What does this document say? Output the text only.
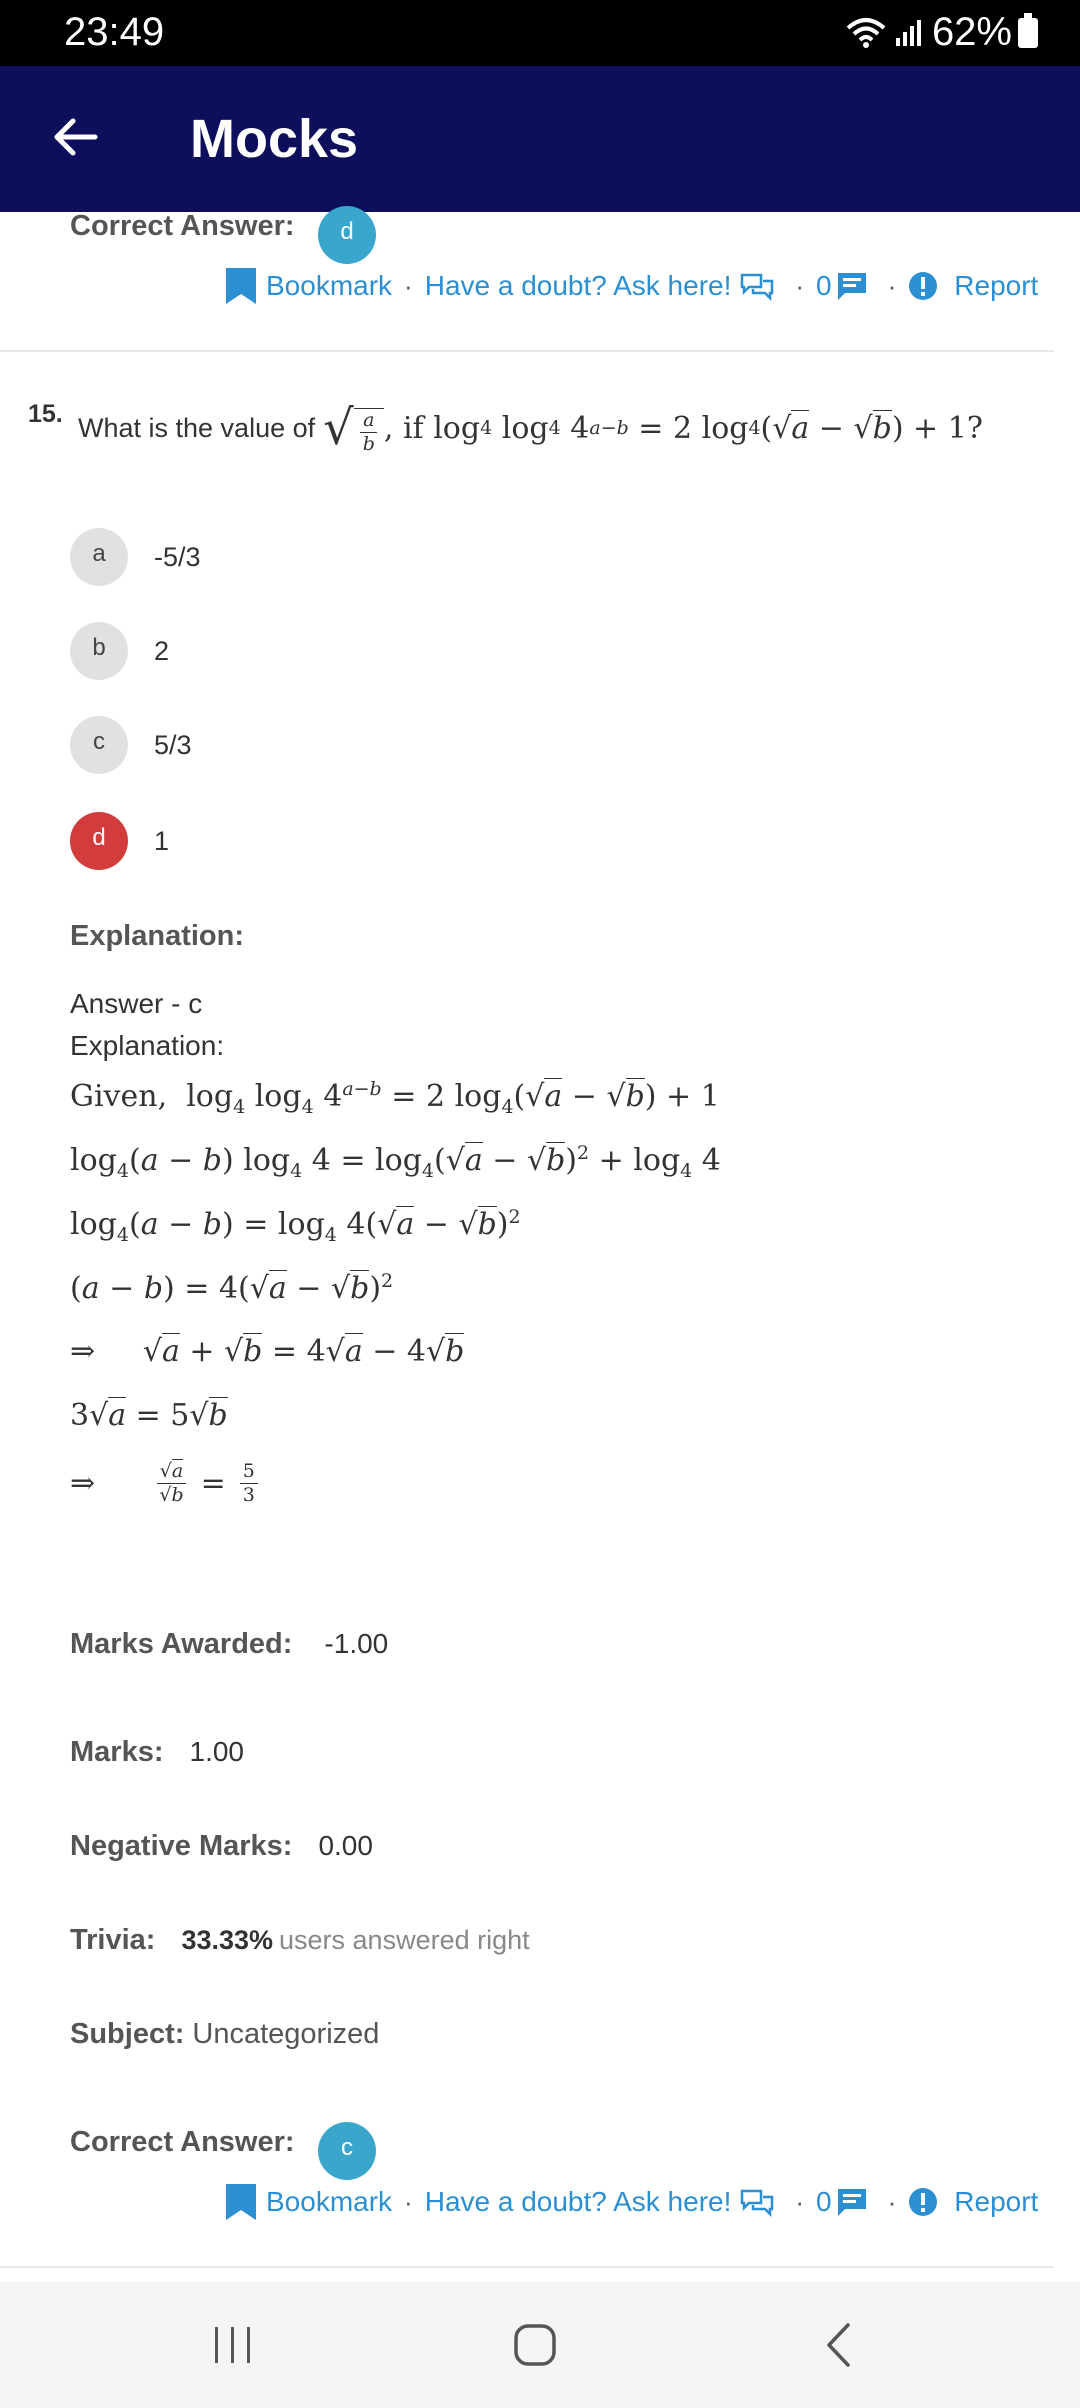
23:49	62%
Mocks
Correct Answer:	d
Bookmark · Have a doubt? Ask here! · 0 · Report
15. What is the value of √ $\frac{a}{b}$ , if log 4
log 4
4 a−b
= 2 log 4 (√ a − √ b ) + 1?
a	-5/3
b	2
c	5/3
d	1
Explanation:
Answer - c
Explanation:
Given,  $\log_4 \log_4 4^{a-b} = 2$ $\log_4(√a - √b) + 1$
$\log_4(a - b)$ $\log_4 4 = \log_4(√a - √b)^2 + \log_4 4$
$\log_4(a - b) = \log_4 4(√a - √b)^2$
$(a - b) = 4(√a - √b)^2$
⇒ √a + √b = 4√a − 4√b
3√a = 5√b
⇒
	$\frac{√a}{√b} = \frac{5}{3}$
Marks Awarded: -1.00
Marks: 1.00
Negative Marks: 0.00
Trivia: 33.33% users answered right
Subject: Uncategorized
Correct Answer:	c
Bookmark · Have a doubt? Ask here! · 0 · Report
